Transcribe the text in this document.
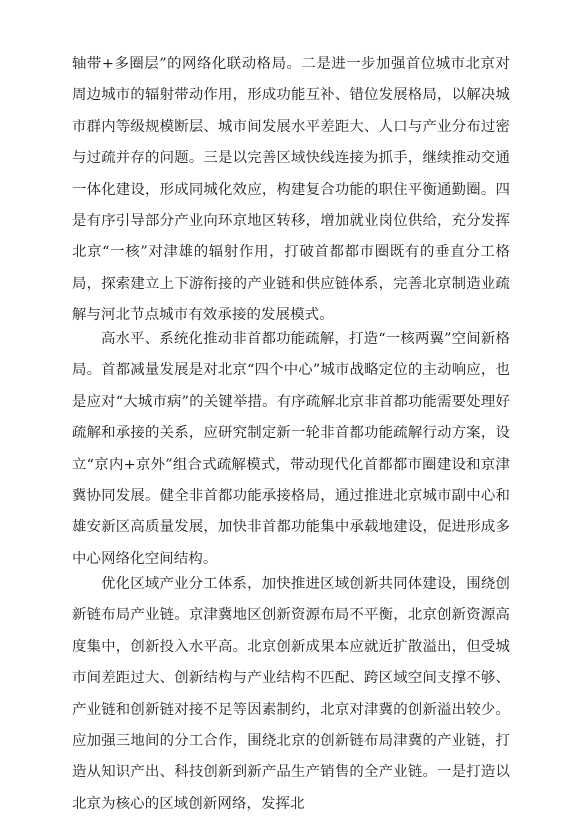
轴带+多圈层”的网络化联动格局。二是进一步加强首位城市北京对周边城市的辐射带动作用，形成功能互补、错位发展格局，以解决城市群内等级规模断层、城市间发展水平差距大、人口与产业分布过密与过疏并存的问题。三是以完善区域快线连接为抓手，继续推动交通一体化建设，形成同城化效应，构建复合功能的职住平衡通勤圈。四是有序引导部分产业向环京地区转移，增加就业岗位供给，充分发挥北京“一核”对津雄的辐射作用，打破首都都市圈既有的垂直分工格局，探索建立上下游衔接的产业链和供应链体系，完善北京制造业疏解与河北节点城市有效承接的发展模式。

高水平、系统化推动非首都功能疏解，打造“一核两翼”空间新格局。首都减量发展是对北京“四个中心”城市战略定位的主动响应，也是应对“大城市病”的关键举措。有序疏解北京非首都功能需要处理好疏解和承接的关系，应研究制定新一轮非首都功能疏解行动方案，设立“京内+京外”组合式疏解模式，带动现代化首都都市圈建设和京津冀协同发展。健全非首都功能承接格局，通过推进北京城市副中心和雄安新区高质量发展，加快非首都功能集中承载地建设，促进形成多中心网络化空间结构。

优化区域产业分工体系，加快推进区域创新共同体建设，围绕创新链布局产业链。京津冀地区创新资源布局不平衡，北京创新资源高度集中，创新投入水平高。北京创新成果本应就近扩散溢出，但受城市间差距过大、创新结构与产业结构不匹配、跨区域空间支撑不够、产业链和创新链对接不足等因素制约，北京对津冀的创新溢出较少。应加强三地间的分工合作，围绕北京的创新链布局津冀的产业链，打造从知识产出、科技创新到新产品生产销售的全产业链。一是打造以北京为核心的区域创新网络，发挥北
